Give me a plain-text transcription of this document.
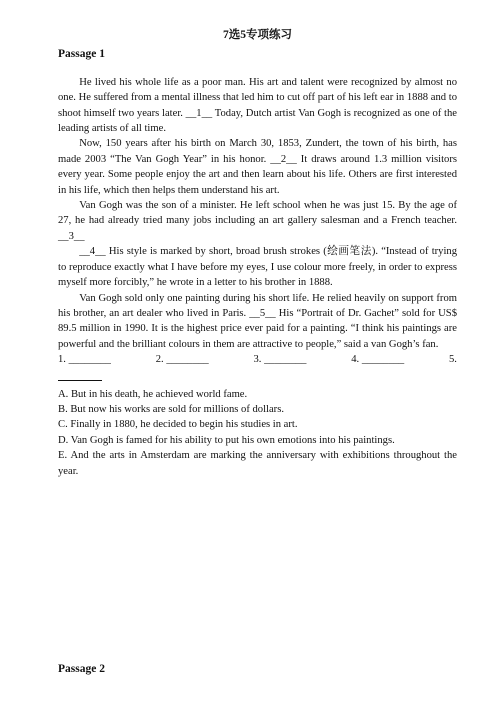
7选5专项练习
Passage 1

He lived his whole life as a poor man. His art and talent were recognized by almost no one. He suffered from a mental illness that led him to cut off part of his left ear in 1888 and to shoot himself two years later. __1__ Today, Dutch artist Van Gogh is recognized as one of the leading artists of all time.

Now, 150 years after his birth on March 30, 1853, Zundert, the town of his birth, has made 2003 “The Van Gogh Year” in his honor. __2__ It draws around 1.3 million visitors every year. Some people enjoy the art and then learn about his life. Others are first interested in his life, which then helps them understand his art.

Van Gogh was the son of a minister. He left school when he was just 15. By the age of 27, he had already tried many jobs including an art gallery salesman and a French teacher. __3__

__4__ His style is marked by short, broad brush strokes (绘画笔法). “Instead of trying to reproduce exactly what I have before my eyes, I use colour more freely, in order to express myself more forcibly,” he wrote in a letter to his brother in 1888.

Van Gogh sold only one painting during his short life. He relied heavily on support from his brother, an art dealer who lived in Paris. __5__ His “Portrait of Dr. Gachet” sold for US$ 89.5 million in 1990. It is the highest price ever paid for a painting. “I think his paintings are powerful and the brilliant colours in them are attractive to people,” said a van Gogh’s fan.

1. ________	2. ________	3. ________	4. ________	5.

A. But in his death, he achieved world fame.

B. But now his works are sold for millions of dollars.

C. Finally in 1880, he decided to begin his studies in art.

D. Van Gogh is famed for his ability to put his own emotions into his paintings.

E. And the arts in Amsterdam are marking the anniversary with exhibitions throughout the year.

Passage 2
